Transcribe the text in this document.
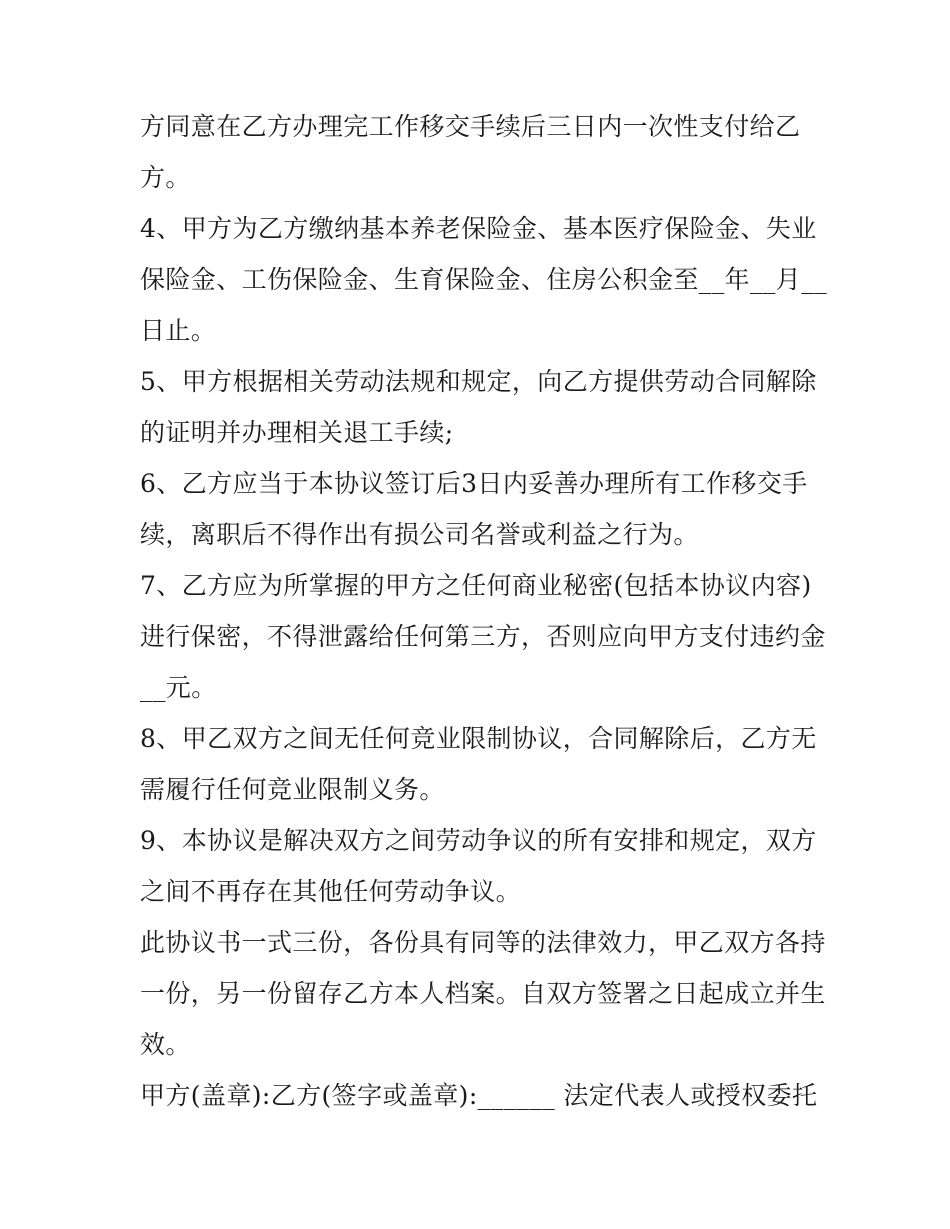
方同意在乙方办理完工作移交手续后三日内一次性支付给乙
方。
4、甲方为乙方缴纳基本养老保险金、基本医疗保险金、失业
保险金、工伤保险金、生育保险金、住房公积金至__年__月__
日止。
5、甲方根据相关劳动法规和规定，向乙方提供劳动合同解除
的证明并办理相关退工手续;
6、乙方应当于本协议签订后3日内妥善办理所有工作移交手
续，离职后不得作出有损公司名誉或利益之行为。
7、乙方应为所掌握的甲方之任何商业秘密(包括本协议内容)
进行保密，不得泄露给任何第三方，否则应向甲方支付违约金
__元。
8、甲乙双方之间无任何竞业限制协议，合同解除后，乙方无
需履行任何竞业限制义务。
9、本协议是解决双方之间劳动争议的所有安排和规定，双方
之间不再存在其他任何劳动争议。
此协议书一式三份，各份具有同等的法律效力，甲乙双方各持
一份，另一份留存乙方本人档案。自双方签署之日起成立并生
效。
甲方(盖章):乙方(签字或盖章):______ 法定代表人或授权委托
